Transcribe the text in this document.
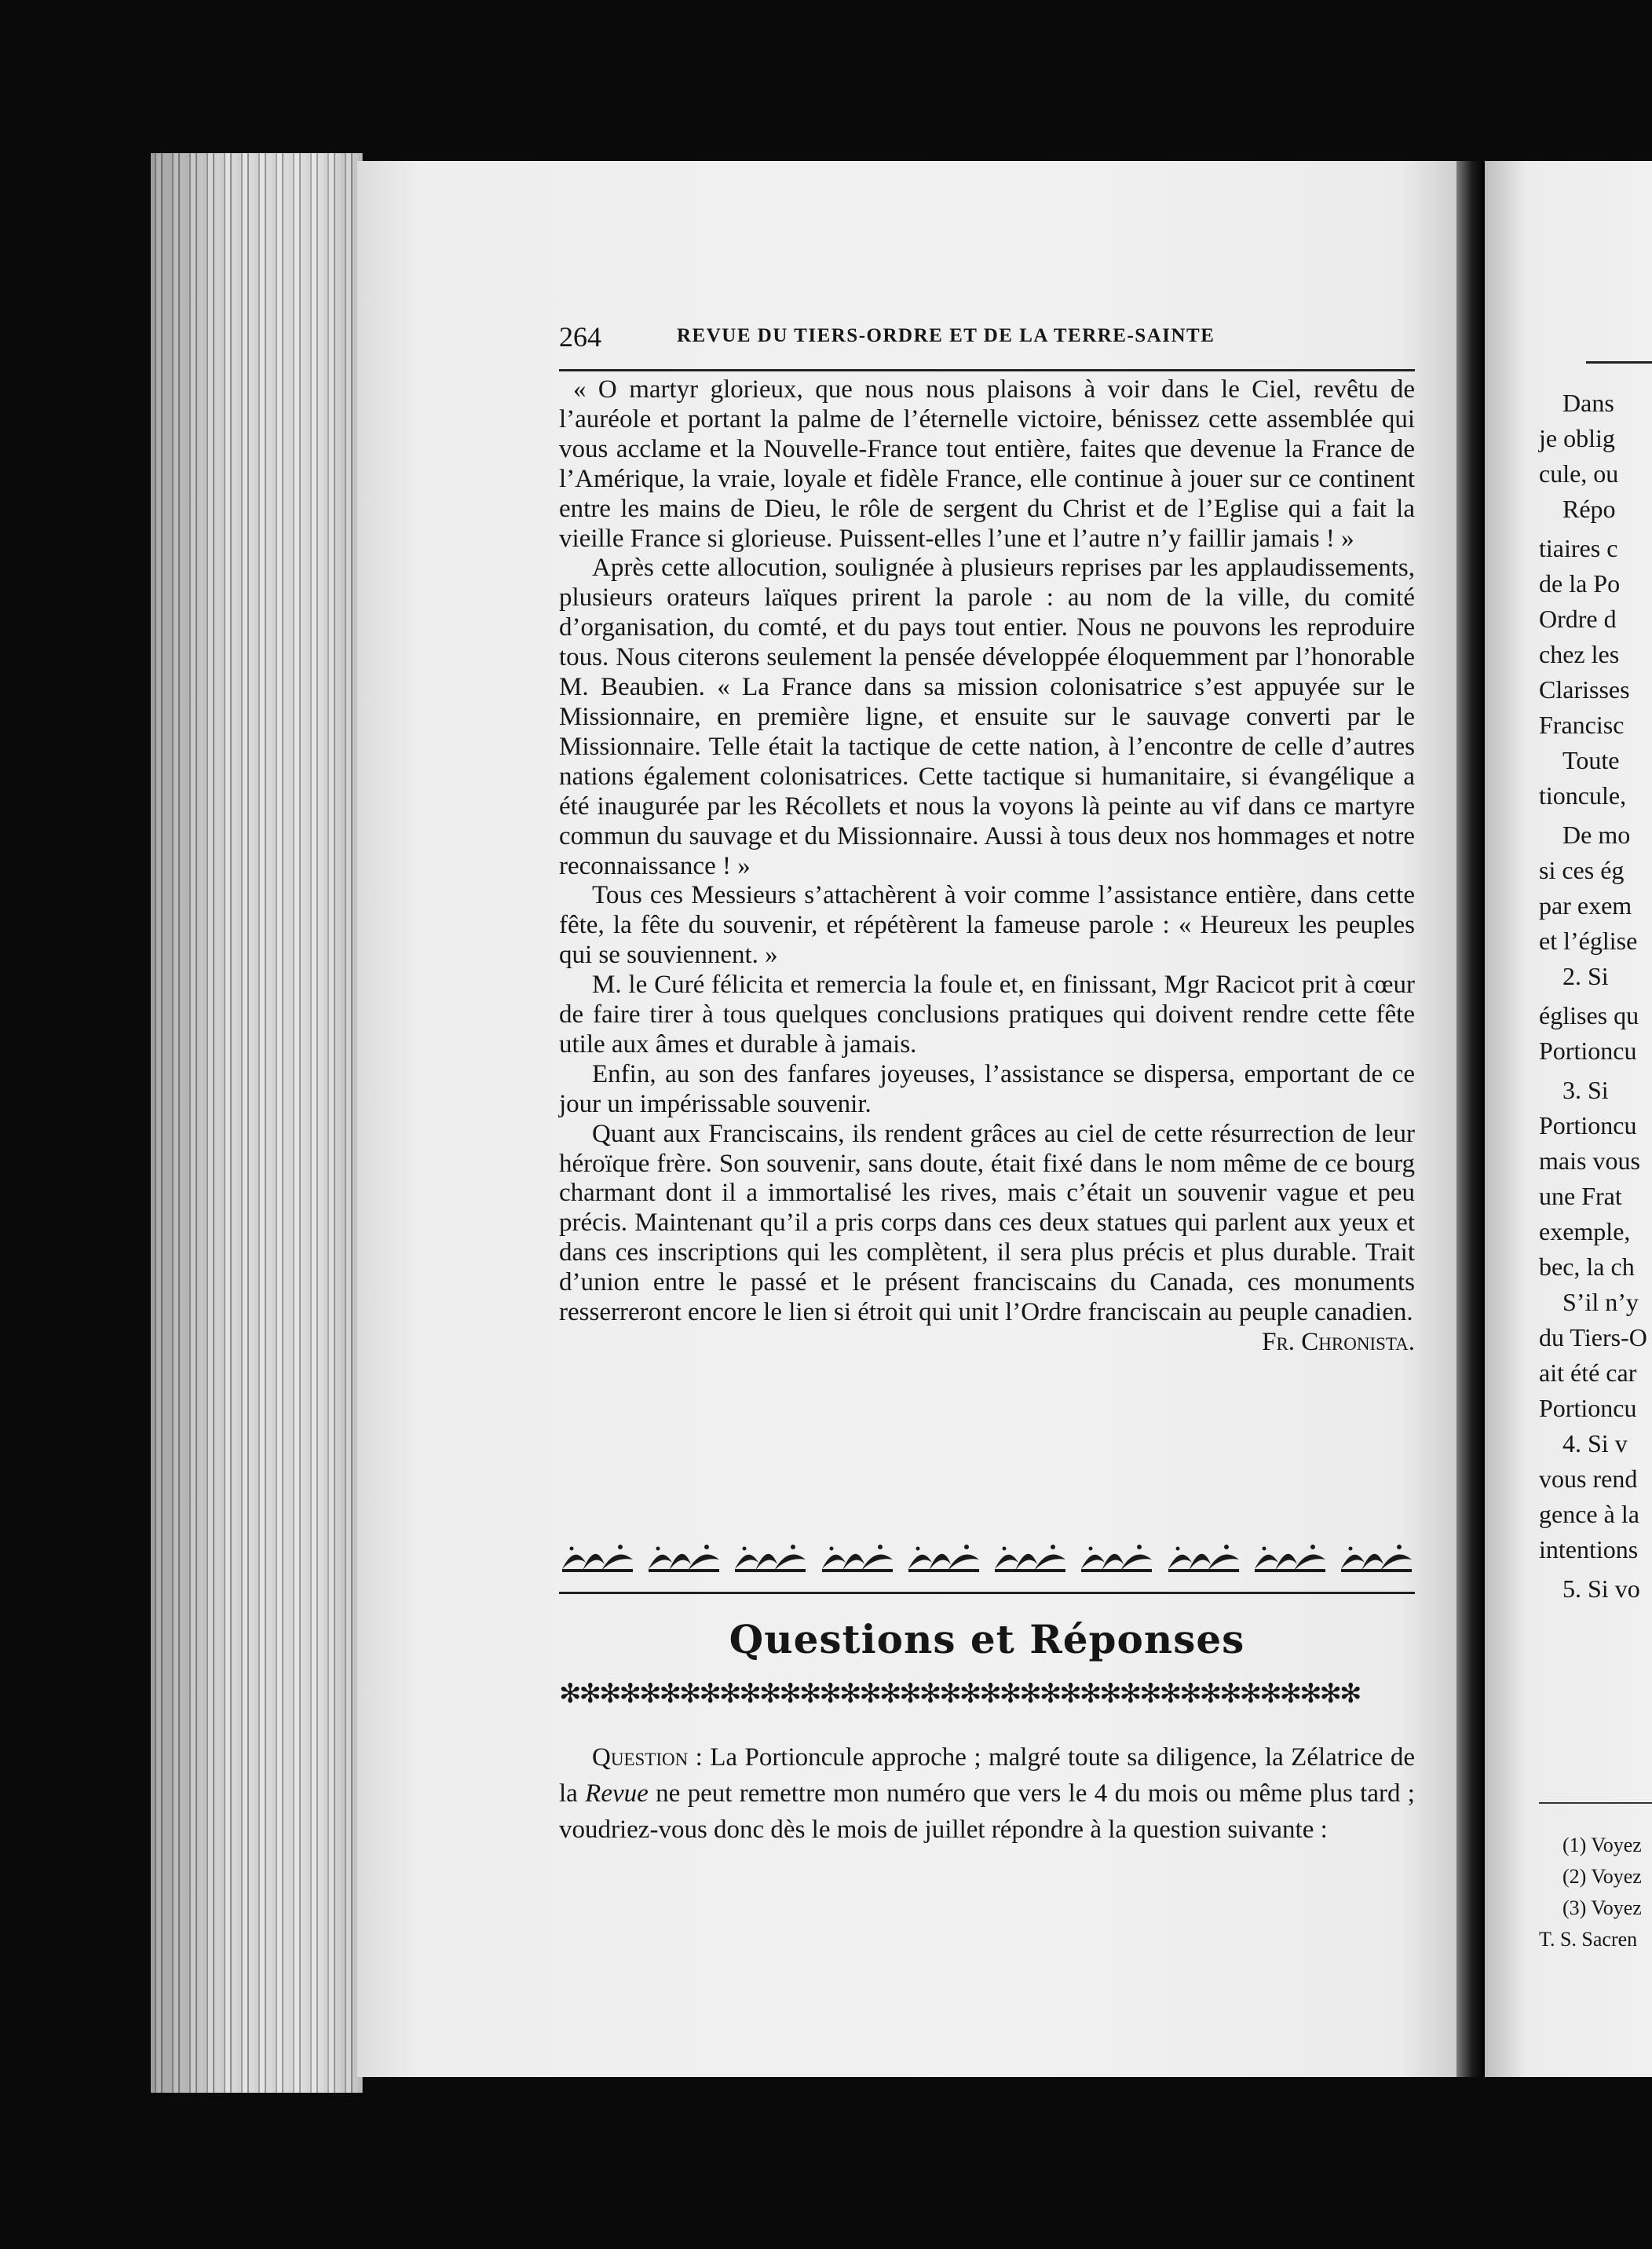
264	REVUE DU TIERS-ORDRE ET DE LA TERRE-SAINTE

« O martyr glorieux, que nous nous plaisons à voir dans le Ciel, revêtu de l’auréole et portant la palme de l’éternelle victoire, bénissez cette assemblée qui vous acclame et la Nouvelle-France tout entière, faites que devenue la France de l’Amérique, la vraie, loyale et fidèle France, elle continue à jouer sur ce continent entre les mains de Dieu, le rôle de sergent du Christ et de l’Eglise qui a fait la vieille France si glorieuse. Puissent-elles l’une et l’autre n’y faillir jamais ! »

Après cette allocution, soulignée à plusieurs reprises par les applaudissements, plusieurs orateurs laïques prirent la parole : au nom de la ville, du comité d’organisation, du comté, et du pays tout entier. Nous ne pouvons les reproduire tous. Nous citerons seulement la pensée développée éloquemment par l’honorable M. Beaubien. « La France dans sa mission colonisatrice s’est appuyée sur le Missionnaire, en première ligne, et ensuite sur le sauvage converti par le Missionnaire. Telle était la tactique de cette nation, à l’encontre de celle d’autres nations également colonisatrices. Cette tactique si humanitaire, si évangélique a été inaugurée par les Récollets et nous la voyons là peinte au vif dans ce martyre commun du sauvage et du Missionnaire. Aussi à tous deux nos hommages et notre reconnaissance ! »

Tous ces Messieurs s’attachèrent à voir comme l’assistance entière, dans cette fête, la fête du souvenir, et répétèrent la fameuse parole : « Heureux les peuples qui se souviennent. »

M. le Curé félicita et remercia la foule et, en finissant, Mgr Racicot prit à cœur de faire tirer à tous quelques conclusions pratiques qui doivent rendre cette fête utile aux âmes et durable à jamais.

Enfin, au son des fanfares joyeuses, l’assistance se dispersa, emportant de ce jour un impérissable souvenir.

Quant aux Franciscains, ils rendent grâces au ciel de cette résurrection de leur héroïque frère. Son souvenir, sans doute, était fixé dans le nom même de ce bourg charmant dont il a immortalisé les rives, mais c’était un souvenir vague et peu précis. Maintenant qu’il a pris corps dans ces deux statues qui parlent aux yeux et dans ces inscriptions qui les complètent, il sera plus précis et plus durable. Trait d’union entre le passé et le présent franciscains du Canada, ces monuments resserreront encore le lien si étroit qui unit l’Ordre franciscain au peuple canadien.
Fr. Chronista.

Questions et Réponses
✻✻✻✻✻✻✻✻✻✻✻✻✻✻✻✻✻✻✻✻✻✻✻✻✻✻✻✻✻✻✻✻✻✻✻✻✻✻✻✻

Question : La Portioncule approche ; malgré toute sa diligence, la Zélatrice de la Revue ne peut remettre mon numéro que vers le 4 du mois ou même plus tard ; voudriez-vous donc dès le mois de juillet répondre à la question suivante :

Dans
je oblig
cule, ou
Répo
tiaires c
de la Po
Ordre d
chez les
Clarisses
Francisc
Toute
tioncule,
De mo
si ces ég
par exem
et l’église
2. Si
églises qu
Portioncu
3. Si
Portioncu
mais vous
une Frat
exemple,
bec, la ch
S’il n’y
du Tiers-O
ait été car
Portioncu
4. Si v
vous rend
gence à la
intentions
5. Si vo
(1) Voyez
(2) Voyez
(3) Voyez
T. S. Sacren
